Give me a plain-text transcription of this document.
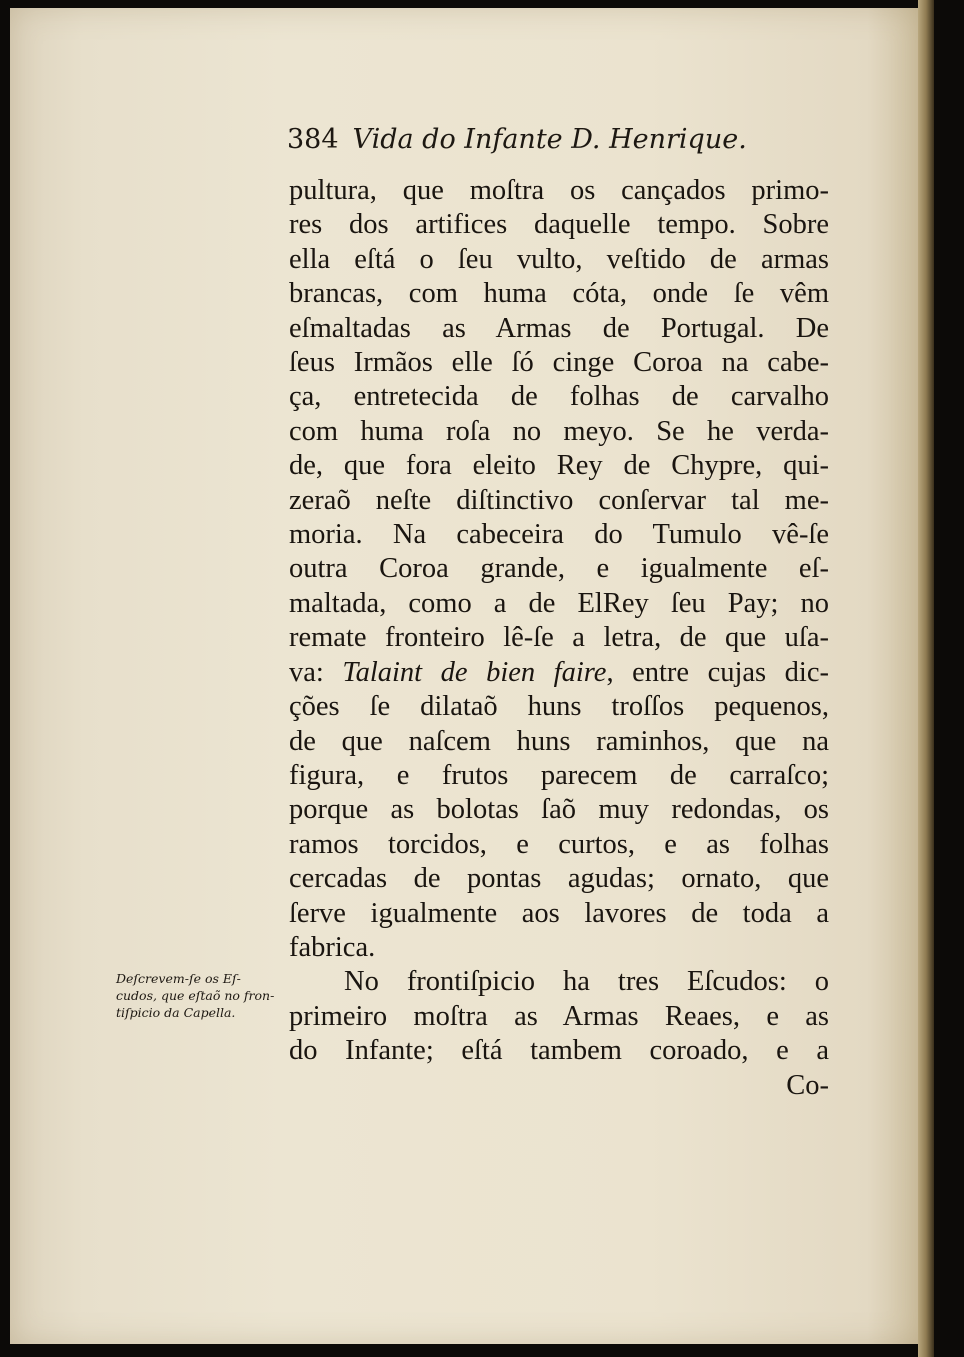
384 Vida do Infante D. Henrique.
pultura, que moſtra os cançados primo-
res dos artifices daquelle tempo. Sobre
ella eſtá o ſeu vulto, veſtido de armas
brancas, com huma cóta, onde ſe vêm
eſmaltadas as Armas de Portugal. De
ſeus Irmãos elle ſó cinge Coroa na cabe-
ça, entretecida de folhas de carvalho
com huma roſa no meyo. Se he verda-
de, que fora eleito Rey de Chypre, qui-
zeraõ neſte diſtinctivo conſervar tal me-
moria. Na cabeceira do Tumulo vê-ſe
outra Coroa grande, e igualmente eſ-
maltada, como a de ElRey ſeu Pay; no
remate fronteiro lê-ſe a letra, de que uſa-
va: Talaint de bien faire, entre cujas dic-
ções ſe dilataõ huns troſſos pequenos,
de que naſcem huns raminhos, que na
figura, e frutos parecem de carraſco;
porque as bolotas ſaõ muy redondas, os
ramos torcidos, e curtos, e as folhas
cercadas de pontas agudas; ornato, que
ſerve igualmente aos lavores de toda a
fabrica.
No frontiſpicio ha tres Eſcudos: o
primeiro moſtra as Armas Reaes, e as
do Infante; eſtá tambem coroado, e a
Co-
Deſcrevem-ſe os Eſ-
cudos, que eſtaõ no fron-
tiſpicio da Capella.
